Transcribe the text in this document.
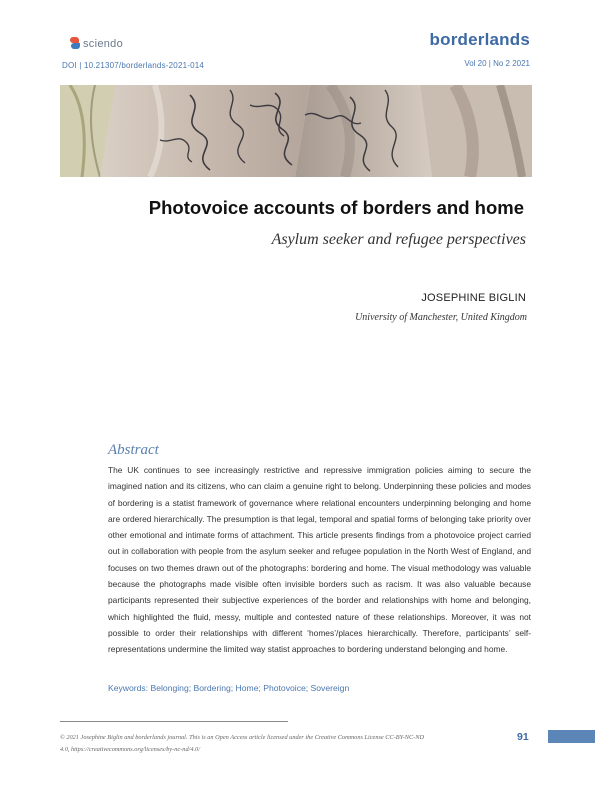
sciendo	borderlands
DOI | 10.21307/borderlands-2021-014	Vol 20 | No 2 2021
Photovoice accounts of borders and home
Asylum seeker and refugee perspectives
JOSEPHINE BIGLIN
University of Manchester, United Kingdom
Abstract
The UK continues to see increasingly restrictive and repressive immigration policies aiming to secure the imagined nation and its citizens, who can claim a genuine right to belong. Underpinning these policies and modes of bordering is a statist framework of governance where relational encounters underpinning belonging and home are ordered hierarchically. The presumption is that legal, temporal and spatial forms of belonging take priority over other emotional and intimate forms of attachment. This article presents findings from a photovoice project carried out in collaboration with people from the asylum seeker and refugee population in the North West of England, and focuses on two themes drawn out of the photographs: bordering and home. The visual methodology was valuable because the photographs made visible often invisible borders such as racism. It was also valuable because participants represented their subjective experiences of the border and relationships with home and belonging, which highlighted the fluid, messy, multiple and contested nature of these relationships. Moreover, it was not possible to order their relationships with different ‘homes’/places hierarchically. Therefore, participants’ self-representations undermine the limited way statist approaches to bordering understand belonging and home.
Keywords: Belonging; Bordering; Home; Photovoice; Sovereign
© 2021 Josephine Biglin and borderlands journal. This is an Open Access article licensed under the Creative Commons License CC-BY-NC-ND 4.0, https://creativecommons.org/licenses/by-nc-nd/4.0/
91
